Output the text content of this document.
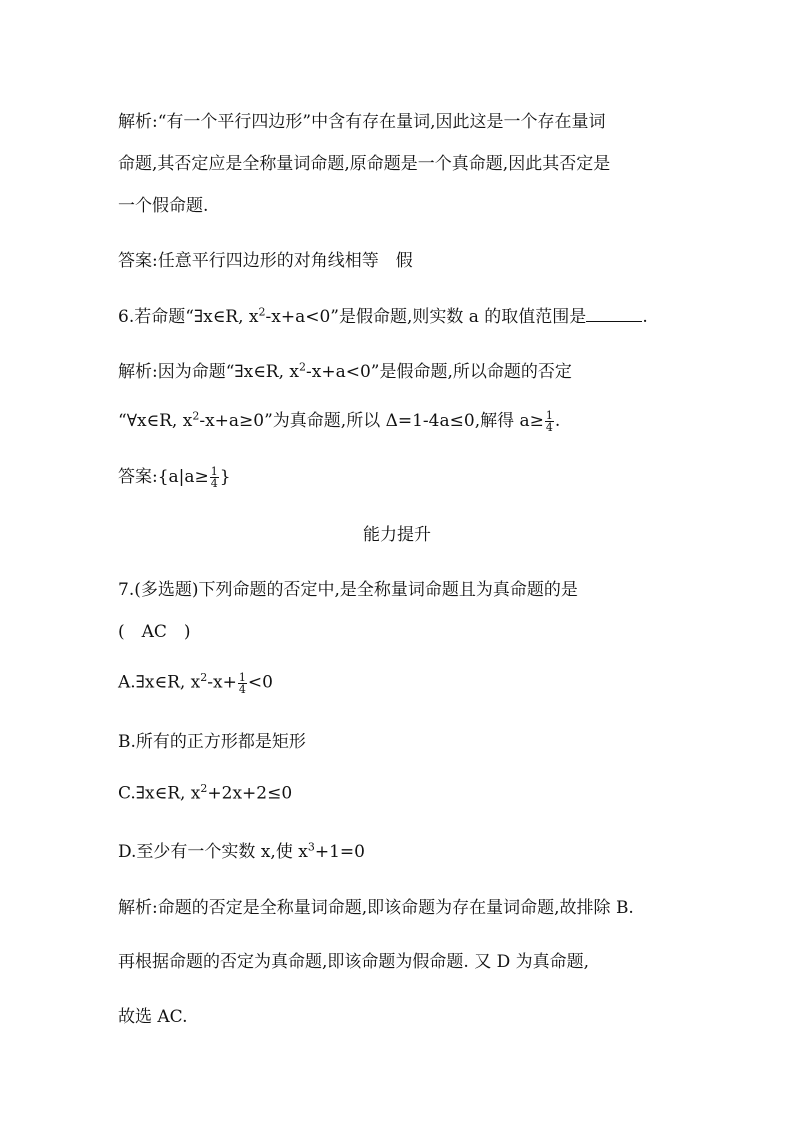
解析:“有一个平行四边形”中含有存在量词,因此这是一个存在量词
命题,其否定应是全称量词命题,原命题是一个真命题,因此其否定是
一个假命题.
答案:任意平行四边形的对角线相等　假
6.若命题“∃x∈R, $x^2-x+a<0$”是假命题,则实数 a 的取值范围是	.
解析:因为命题“∃x∈R, $x^2-x+a<0$”是假命题,所以命题的否定
“∀x∈R, $x^2-x+a\ge 0$”为真命题,所以 Δ=1-4a≤0,解得 $a\ge \frac{1}{4}$ .
答案:{a|a≥ $\frac{1}{4}$ }
能力提升
7.(多选题)下列命题的否定中,是全称量词命题且为真命题的是
(　AC　)
A.∃x∈R, $x^2-x+ \frac{1}{4} <0$
B.所有的正方形都是矩形
C.∃x∈R, $x^2+2x+2\le 0$
D.至少有一个实数 x,使 $x^3+1=0$
解析:命题的否定是全称量词命题,即该命题为存在量词命题,故排除 B.
再根据命题的否定为真命题,即该命题为假命题. 又 D 为真命题,
故选 AC.
